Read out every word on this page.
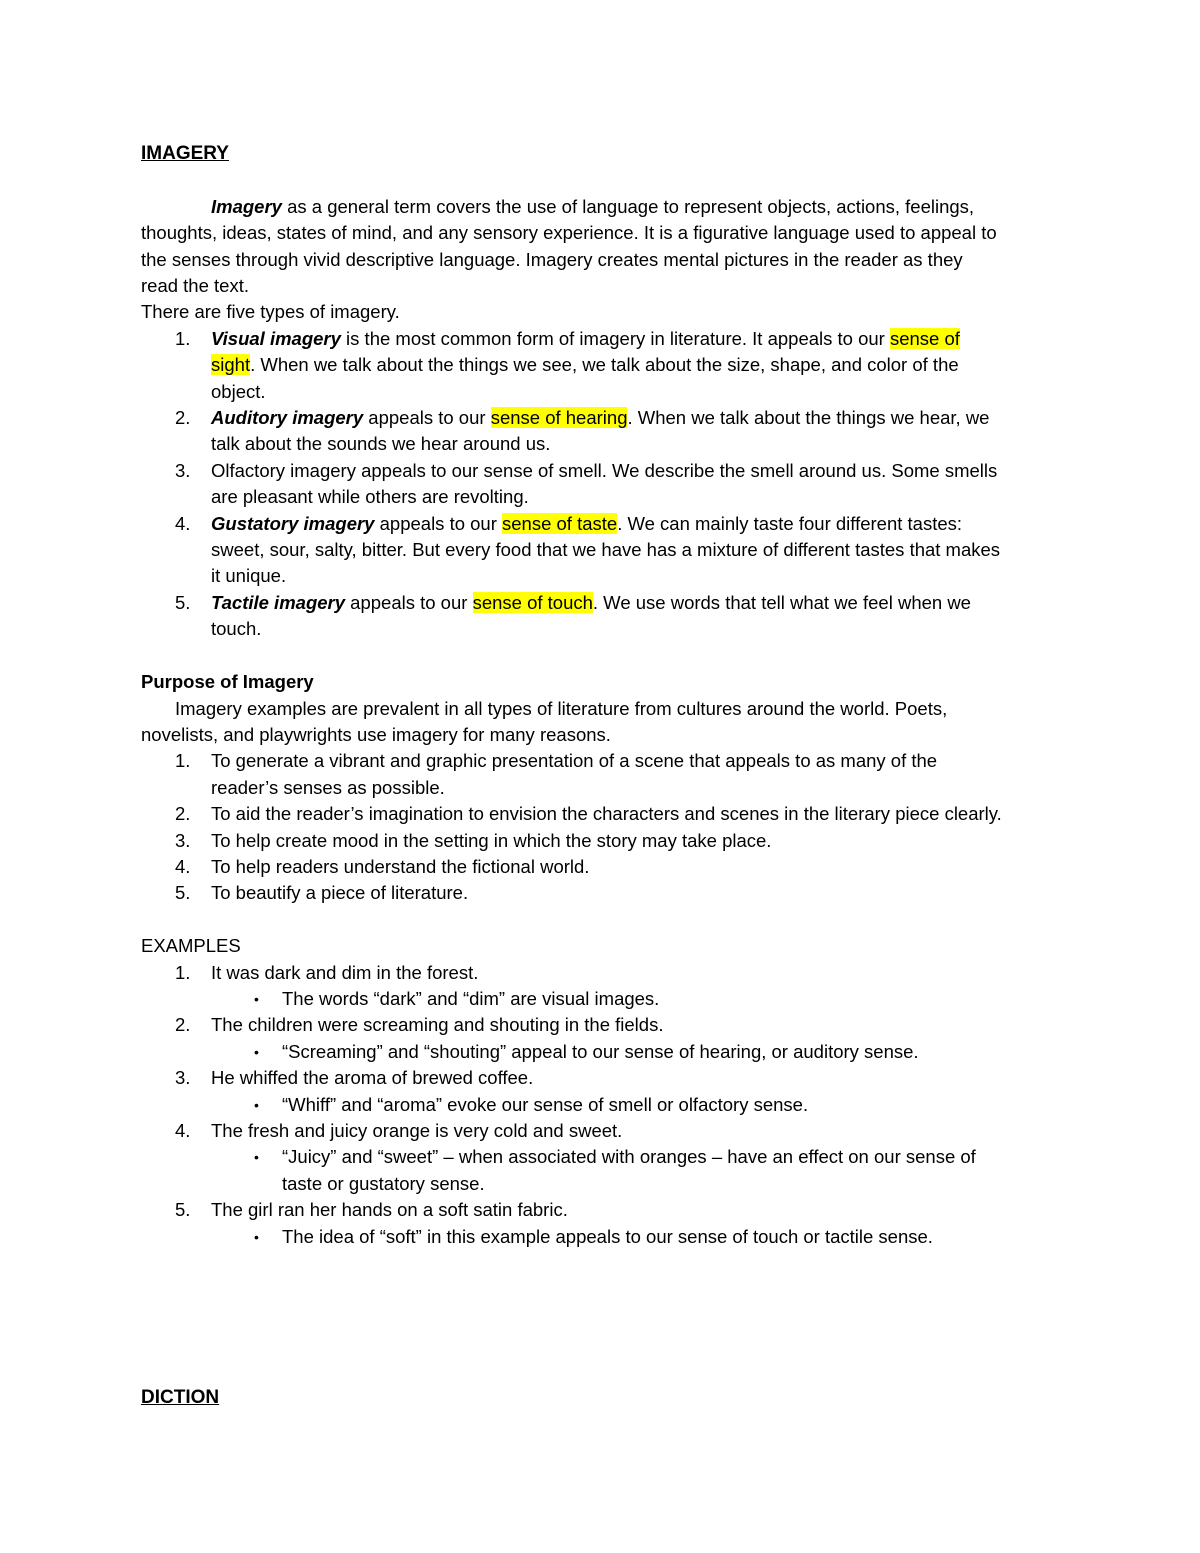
IMAGERY
Imagery as a general term covers the use of language to represent objects, actions, feelings,
thoughts, ideas, states of mind, and any sensory experience. It is a figurative language used to appeal to
the senses through vivid descriptive language. Imagery creates mental pictures in the reader as they
read the text.
There are five types of imagery.
1. Visual imagery is the most common form of imagery in literature. It appeals to our sense of
sight. When we talk about the things we see, we talk about the size, shape, and color of the
object.
2. Auditory imagery appeals to our sense of hearing. When we talk about the things we hear, we
talk about the sounds we hear around us.
3. Olfactory imagery appeals to our sense of smell. We describe the smell around us. Some smells
are pleasant while others are revolting.
4. Gustatory imagery appeals to our sense of taste. We can mainly taste four different tastes:
sweet, sour, salty, bitter. But every food that we have has a mixture of different tastes that makes
it unique.
5. Tactile imagery appeals to our sense of touch. We use words that tell what we feel when we
touch.
Purpose of Imagery
Imagery examples are prevalent in all types of literature from cultures around the world. Poets,
novelists, and playwrights use imagery for many reasons.
1. To generate a vibrant and graphic presentation of a scene that appeals to as many of the
reader’s senses as possible.
2. To aid the reader’s imagination to envision the characters and scenes in the literary piece clearly.
3. To help create mood in the setting in which the story may take place.
4. To help readers understand the fictional world.
5. To beautify a piece of literature.
EXAMPLES
1. It was dark and dim in the forest.
• The words “dark” and “dim” are visual images.
2. The children were screaming and shouting in the fields.
• “Screaming” and “shouting” appeal to our sense of hearing, or auditory sense.
3. He whiffed the aroma of brewed coffee.
• “Whiff” and “aroma” evoke our sense of smell or olfactory sense.
4. The fresh and juicy orange is very cold and sweet.
• “Juicy” and “sweet” – when associated with oranges – have an effect on our sense of
taste or gustatory sense.
5. The girl ran her hands on a soft satin fabric.
• The idea of “soft” in this example appeals to our sense of touch or tactile sense.
DICTION
